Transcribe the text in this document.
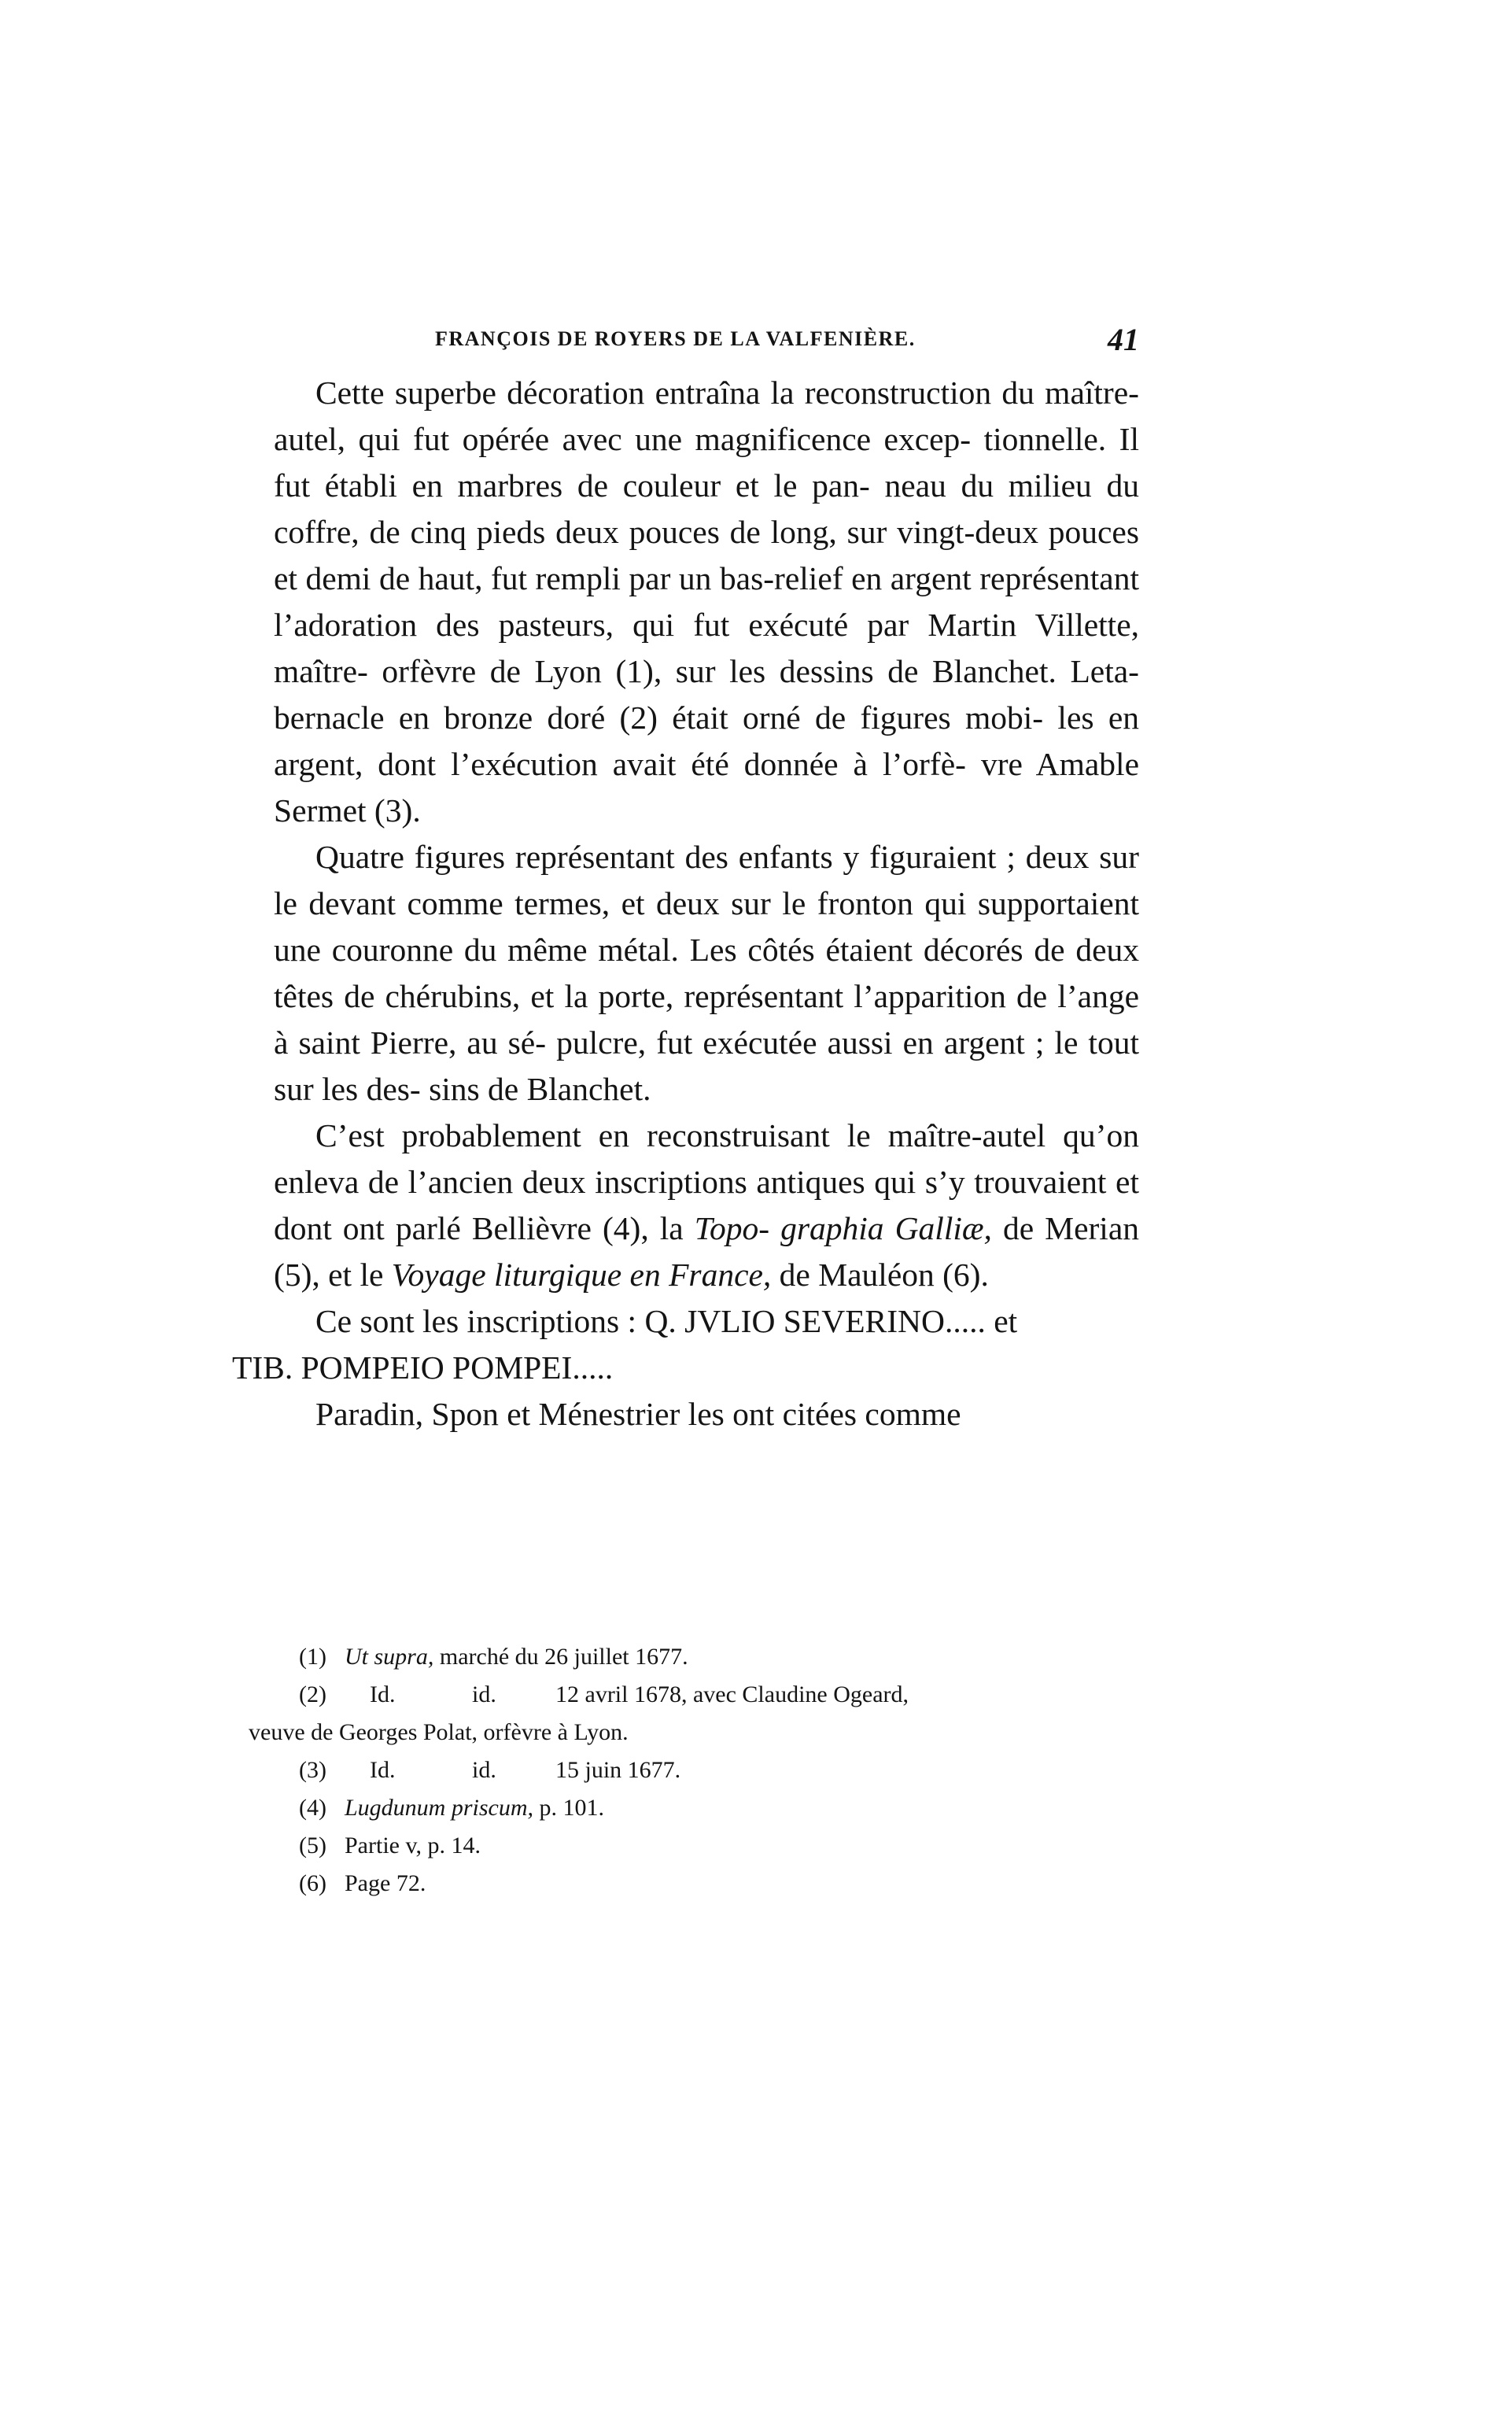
FRANÇOIS DE ROYERS DE LA VALFENIÈRE.	41

Cette superbe décoration entraîna la reconstruction du maître-autel, qui fut opérée avec une magnificence excep- tionnelle. Il fut établi en marbres de couleur et le pan- neau du milieu du coffre, de cinq pieds deux pouces de long, sur vingt-deux pouces et demi de haut, fut rempli par un bas-relief en argent représentant l’adoration des pasteurs, qui fut exécuté par Martin Villette, maître- orfèvre de Lyon (1), sur les dessins de Blanchet. Leta- bernacle en bronze doré (2) était orné de figures mobi- les en argent, dont l’exécution avait été donnée à l’orfè- vre Amable Sermet (3).

Quatre figures représentant des enfants y figuraient ; deux sur le devant comme termes, et deux sur le fronton qui supportaient une couronne du même métal. Les côtés étaient décorés de deux têtes de chérubins, et la porte, représentant l’apparition de l’ange à saint Pierre, au sé- pulcre, fut exécutée aussi en argent ; le tout sur les des- sins de Blanchet.

C’est probablement en reconstruisant le maître-autel qu’on enleva de l’ancien deux inscriptions antiques qui s’y trouvaient et dont ont parlé Bellièvre (4), la Topo- graphia Galliæ, de Merian (5), et le Voyage liturgique en France, de Mauléon (6).

Ce sont les inscriptions : Q. JVLIO SEVERINO..... et
TIB. POMPEIO POMPEI.....

Paradin, Spon et Ménestrier les ont citées comme

(1) Ut supra, marché du 26 juillet 1677.

(2) Id.	id.	12 avril 1678, avec Claudine Ogeard,
veuve de Georges Polat, orfèvre à Lyon.

(3) Id.	id.	15 juin 1677.

(4) Lugdunum priscum, p. 101.

(5) Partie v, p. 14.

(6) Page 72.
